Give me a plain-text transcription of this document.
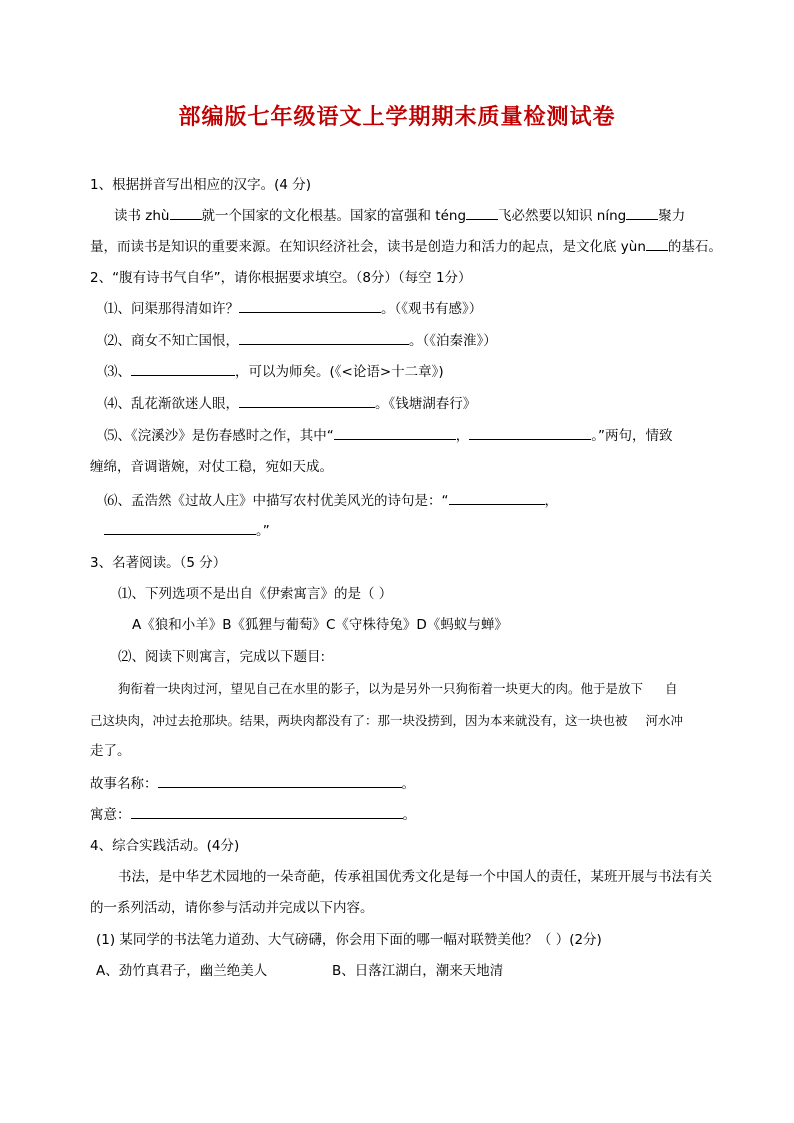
部编版七年级语文上学期期末质量检测试卷
1、根据拼音写出相应的汉字。(4 分)
读书 zhù 就一个国家的文化根基。国家的富强和 téng 飞必然要以知识 níng 聚力
量，而读书是知识的重要来源。在知识经济社会，读书是创造力和活力的起点，是文化底 yùn 的基石。
2、“腹有诗书气自华”，请你根据要求填空。（8分）（每空 1分）
⑴、问渠那得清如许？	。（《观书有感》）
⑵、商女不知亡国恨，	。（《泊秦淮》）
⑶、	，可以为师矣。(《<论语>十二章》)
⑷、乱花渐欲迷人眼，	。《钱塘湖春行》
⑸、《浣溪沙》是伤春感时之作，其中“	，	。”两句，情致
缠绵，音调谐婉，对仗工稳，宛如天成。
⑹、孟浩然《过故人庄》中描写农村优美风光的诗句是：“	，
。”
3、名著阅读。（5 分）
⑴、下列选项不是出自《伊索寓言》的是（ ）
A《狼和小羊》B《狐狸与葡萄》C《守株待兔》D《蚂蚁与蝉》
⑵、阅读下则寓言，完成以下题目:
狗衔着一块肉过河，望见自己在水里的影子，以为是另外一只狗衔着一块更大的肉。他于是放下 自
己这块肉，冲过去抢那块。结果，两块肉都没有了：那一块没捞到，因为本来就没有，这一块也被 河水冲
走了。
故事名称：	。
寓意：	。
4、综合实践活动。(4分)
书法，是中华艺术园地的一朵奇葩，传承祖国优秀文化是每一个中国人的责任，某班开展与书法有关
的一系列活动，请你参与活动并完成以下内容。
(1) 某同学的书法笔力道劲、大气磅礴，你会用下面的哪一幅对联赞美他？（ ）(2分)
A、劲竹真君子，幽兰绝美人	B、日落江湖白，潮来天地清
